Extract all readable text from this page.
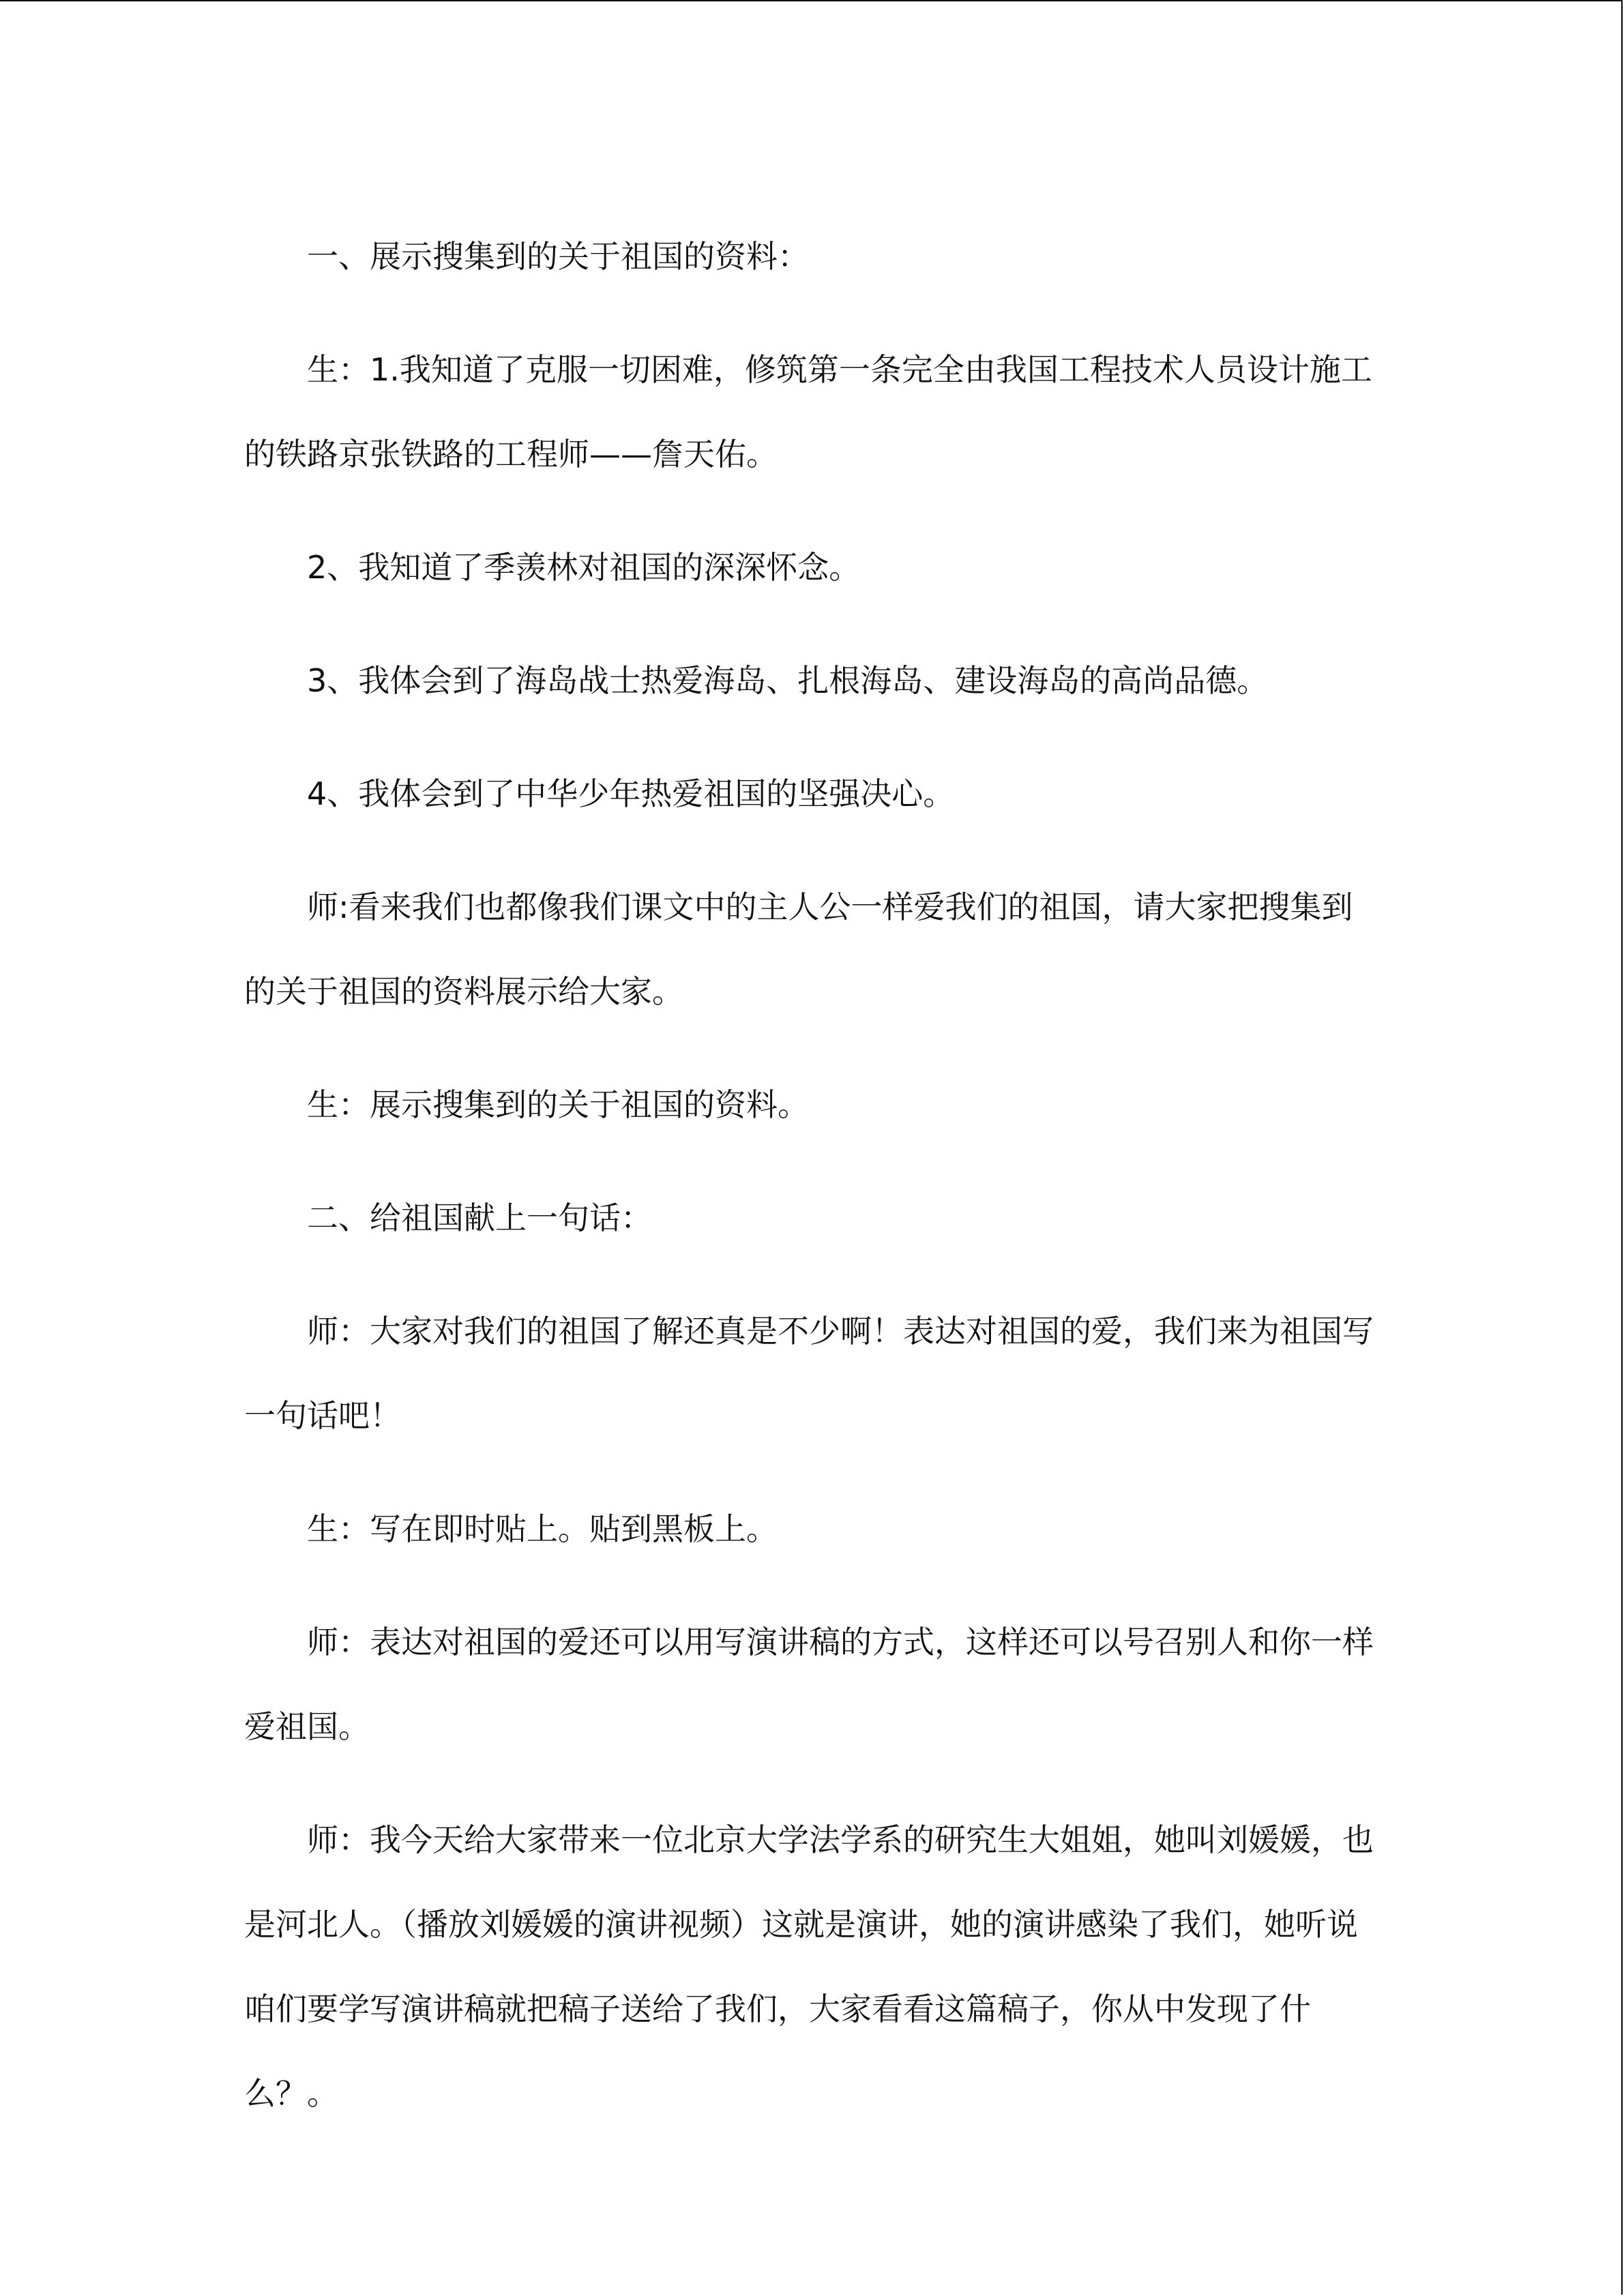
一、展示搜集到的关于祖国的资料：

生：1.我知道了克服一切困难，修筑第一条完全由我国工程技术人员设计施工的铁路京张铁路的工程师——詹天佑。

2、我知道了季羡林对祖国的深深怀念。

3、我体会到了海岛战士热爱海岛、扎根海岛、建设海岛的高尚品德。

4、我体会到了中华少年热爱祖国的坚强决心。

师:看来我们也都像我们课文中的主人公一样爱我们的祖国，请大家把搜集到的关于祖国的资料展示给大家。

生：展示搜集到的关于祖国的资料。

二、给祖国献上一句话：

师：大家对我们的祖国了解还真是不少啊！表达对祖国的爱，我们来为祖国写一句话吧！

生：写在即时贴上。贴到黑板上。

师：表达对祖国的爱还可以用写演讲稿的方式，这样还可以号召别人和你一样爱祖国。

师：我今天给大家带来一位北京大学法学系的研究生大姐姐，她叫刘媛媛，也是河北人。（播放刘媛媛的演讲视频）这就是演讲，她的演讲感染了我们，她听说咱们要学写演讲稿就把稿子送给了我们，大家看看这篇稿子，你从中发现了什么？。
